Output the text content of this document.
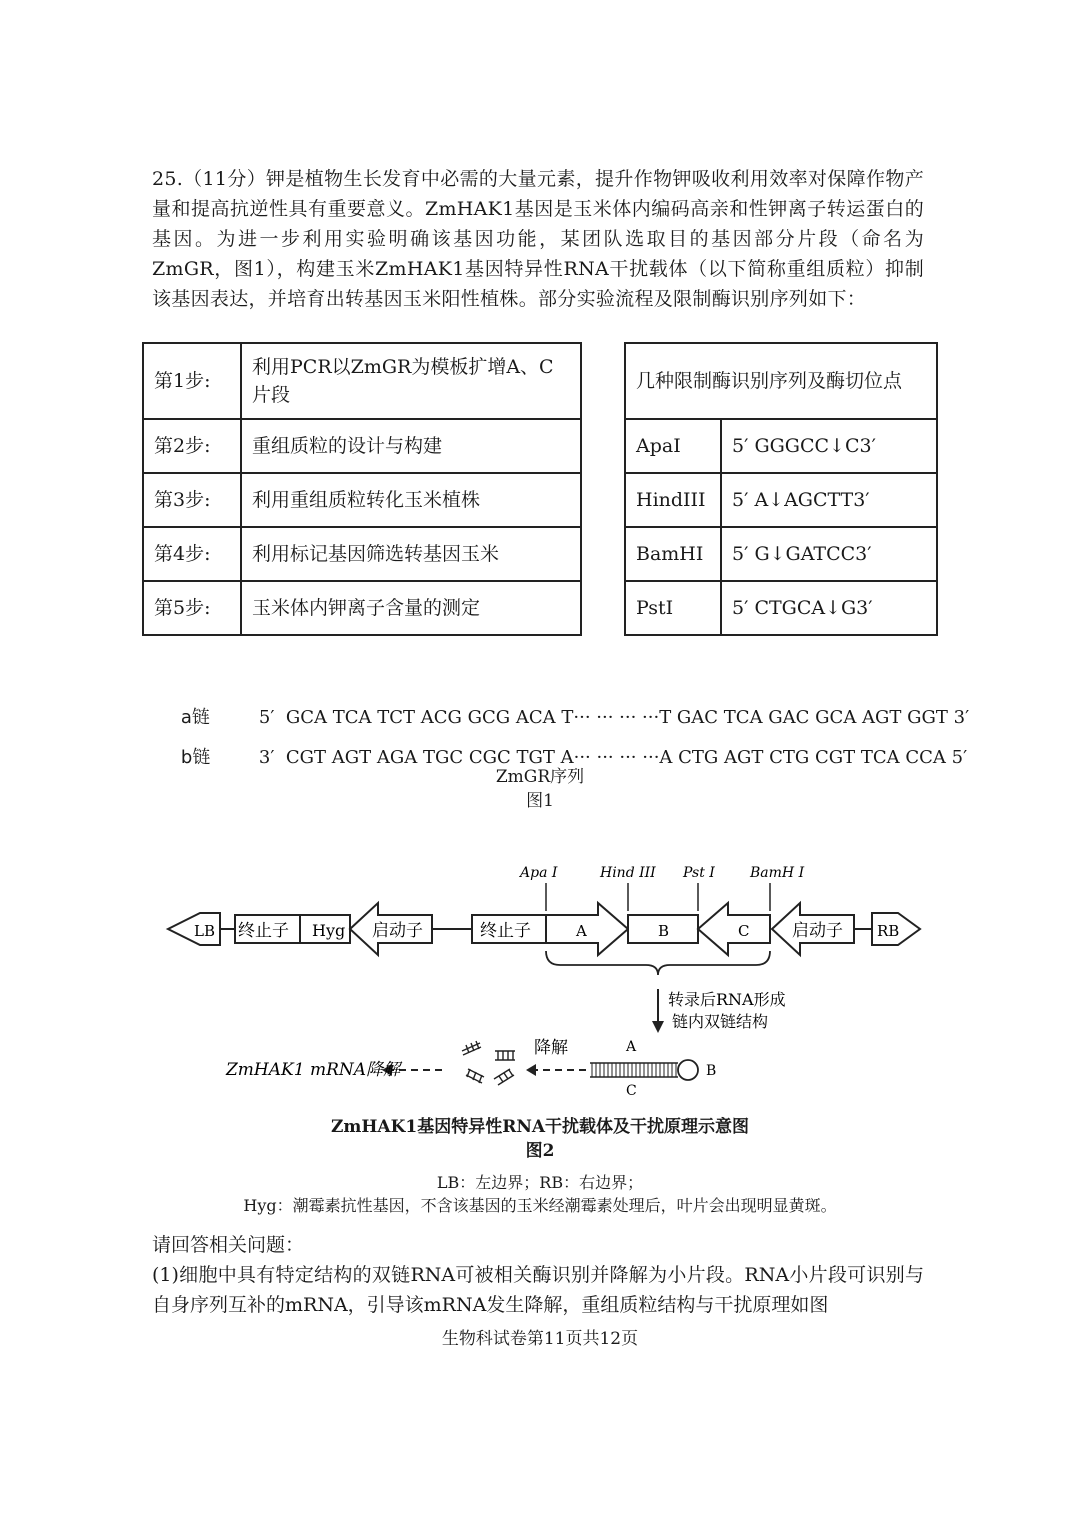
25.（11分）钾是植物生长发育中必需的大量元素，提升作物钾吸收利用效率对保障作物产量和提高抗逆性具有重要意义。ZmHAK1基因是玉米体内编码高亲和性钾离子转运蛋白的基因。为进一步利用实验明确该基因功能，某团队选取目的基因部分片段（命名为ZmGR，图1），构建玉米ZmHAK1基因特异性RNA干扰载体（以下简称重组质粒）抑制该基因表达，并培育出转基因玉米阳性植株。部分实验流程及限制酶识别序列如下：
第1步:	利用PCR以ZmGR为模板扩增A、C片段		几种限制酶识别序列及酶切位点	
第2步:	重组质粒的设计与构建		ApaI	5′ GGGCC↓C3′
第3步:	利用重组质粒转化玉米植株		HindIII	5′ A↓AGCTT3′
第4步:	利用标记基因筛选转基因玉米		BamHI	5′ G↓GATCC3′
第5步:	玉米体内钾离子含量的测定		PstI	5′ CTGCA↓G3′

a链	5′  GCA TCA TCT ACG GCG ACA T··· ··· ··· ···T GAC TCA GAC GCA AGT GGT 3′

b链	3′  CGT AGT AGA TGC CGC TGT A··· ··· ··· ···A CTG AGT CTG CGT TCA CCA 5′

ZmGR序列
图1
Apa I	Hind III Pst I	BamH I
LB 终止子 Hyg 启动子	终止子	A	B	C	启动子 RB
转录后RNA形成
链内双链结构
A
C
B
降解
ZmHAK1 mRNA降解
ZmHAK1基因特异性RNA干扰载体及干扰原理示意图
图2
LB：左边界；RB：右边界；
Hyg：潮霉素抗性基因，不含该基因的玉米经潮霉素处理后，叶片会出现明显黄斑。
请回答相关问题：
(1)细胞中具有特定结构的双链RNA可被相关酶识别并降解为小片段。RNA小片段可识别与自身序列互补的mRNA，引导该mRNA发生降解，重组质粒结构与干扰原理如图
生物科试卷第11页共12页
